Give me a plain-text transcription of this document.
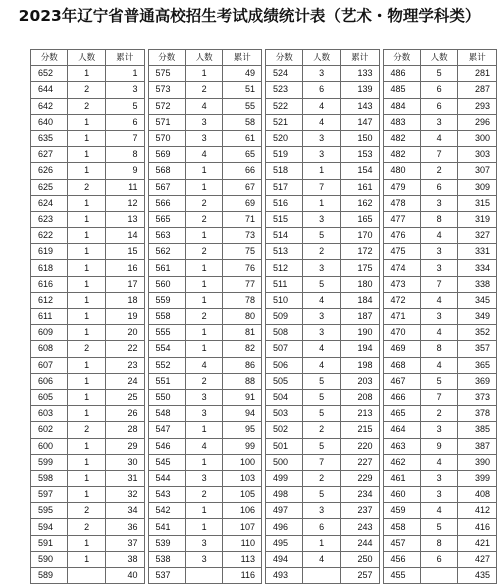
2023年辽宁省普通高校招生考试成绩统计表（艺术・物理学科类）
分数	人数	累计
652	1	1
644	2	3
642	2	5
640	1	6
635	1	7
627	1	8
626	1	9
625	2	11
624	1	12
623	1	13
622	1	14
619	1	15
618	1	16
616	1	17
612	1	18
611	1	19
609	1	20
608	2	22
607	1	23
606	1	24
605	1	25
603	1	26
602	2	28
600	1	29
599	1	30
598	1	31
597	1	32
595	2	34
594	2	36
591	1	37
590	1	38
589		40
分数	人数	累计
575	1	49
573	2	51
572	4	55
571	3	58
570	3	61
569	4	65
568	1	66
567	1	67
566	2	69
565	2	71
563	1	73
562	2	75
561	1	76
560	1	77
559	1	78
558	2	80
555	1	81
554	1	82
552	4	86
551	2	88
550	3	91
548	3	94
547	1	95
546	4	99
545	1	100
544	3	103
543	2	105
542	1	106
541	1	107
539	3	110
538	3	113
537		116
分数	人数	累计
524	3	133
523	6	139
522	4	143
521	4	147
520	3	150
519	3	153
518	1	154
517	7	161
516	1	162
515	3	165
514	5	170
513	2	172
512	3	175
511	5	180
510	4	184
509	3	187
508	3	190
507	4	194
506	4	198
505	5	203
504	5	208
503	5	213
502	2	215
501	5	220
500	7	227
499	2	229
498	5	234
497	3	237
496	6	243
495	1	244
494	4	250
493		257
分数	人数	累计
486	5	281
485	6	287
484	6	293
483	3	296
482	4	300
482	7	303
480	2	307
479	6	309
478	3	315
477	8	319
476	4	327
475	3	331
474	3	334
473	7	338
472	4	345
471	3	349
470	4	352
469	8	357
468	4	365
467	5	369
466	7	373
465	2	378
464	3	385
463	9	387
462	4	390
461	3	399
460	3	408
459	4	412
458	5	416
457	8	421
456	6	427
455		435
